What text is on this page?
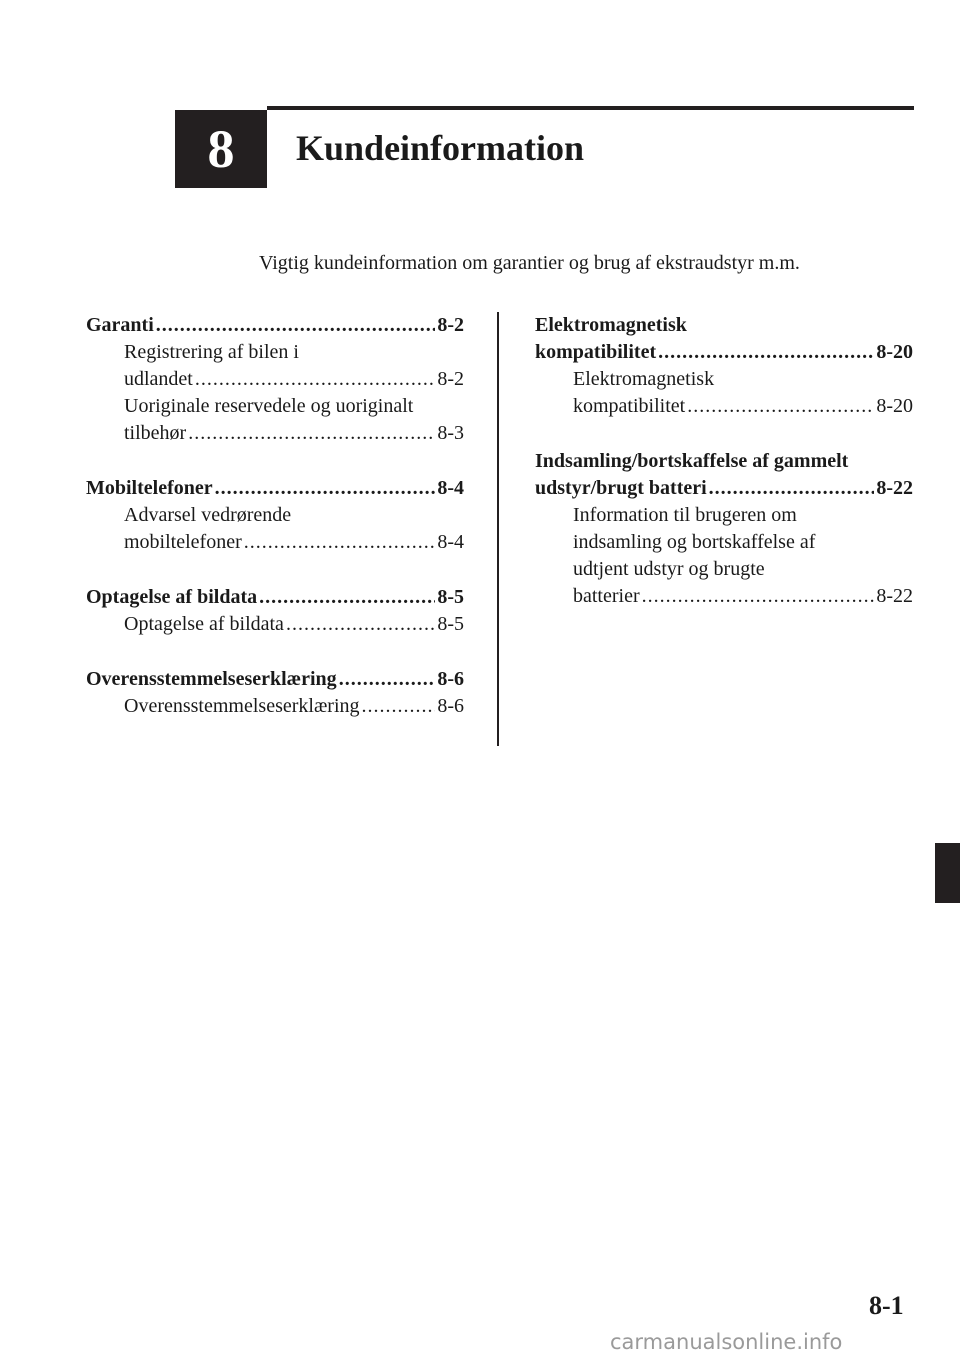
8	Kundeinformation
Vigtig kundeinformation om garantier og brug af ekstraudstyr m.m.
Garanti .....	8-2
Registrering af bilen i
udlandet .....	8-2
Uoriginale reservedele og uoriginalt
tilbehør .....	8-3
Mobiltelefoner .....	8-4
Advarsel vedrørende
mobiltelefoner .....	8-4
Optagelse af bildata .....	8-5
Optagelse af bildata .....	8-5
Overensstemmelseserklæring .....	8-6
Overensstemmelseserklæring .....	8-6
Elektromagnetisk
kompatibilitet .....	8-20
Elektromagnetisk
kompatibilitet .....	8-20
Indsamling/bortskaffelse af gammelt
udstyr/brugt batteri .....	8-22
Information til brugeren om
indsamling og bortskaffelse af
udtjent udstyr og brugte
batterier .....	8-22
8-1
carmanualsonline.info
